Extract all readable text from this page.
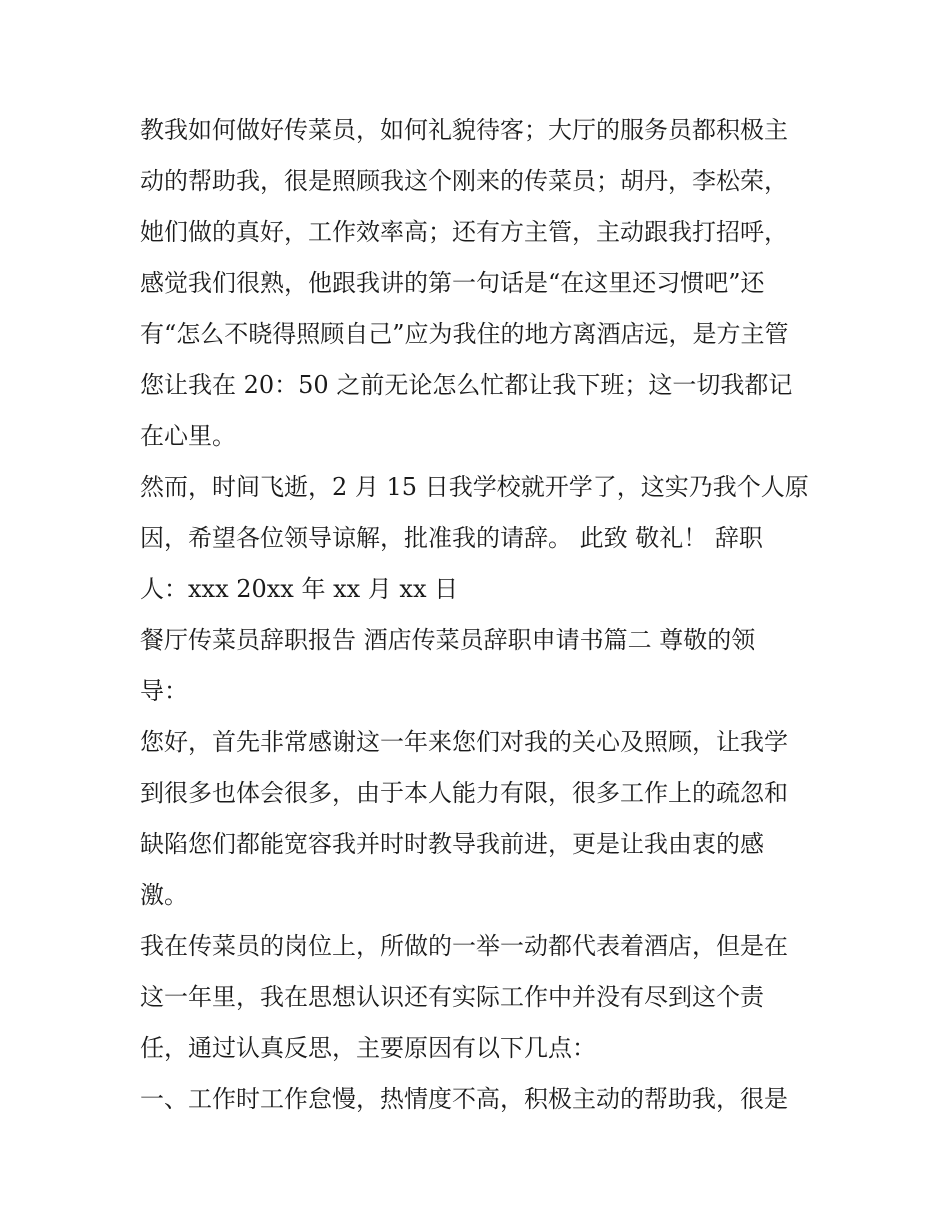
教我如何做好传菜员，如何礼貌待客；大厅的服务员都积极主
动的帮助我，很是照顾我这个刚来的传菜员；胡丹，李松荣，
她们做的真好，工作效率高；还有方主管，主动跟我打招呼，
感觉我们很熟，他跟我讲的第一句话是“在这里还习惯吧”还
有“怎么不晓得照顾自己”应为我住的地方离酒店远，是方主管
您让我在 20：50 之前无论怎么忙都让我下班；这一切我都记
在心里。
然而，时间飞逝，2 月 15 日我学校就开学了，这实乃我个人原
因，希望各位领导谅解，批准我的请辞。 此致 敬礼！ 辞职
人：xxx 20xx 年 xx 月 xx 日
餐厅传菜员辞职报告 酒店传菜员辞职申请书篇二 尊敬的领
导：
您好，首先非常感谢这一年来您们对我的关心及照顾，让我学
到很多也体会很多，由于本人能力有限，很多工作上的疏忽和
缺陷您们都能宽容我并时时教导我前进，更是让我由衷的感
激。
我在传菜员的岗位上，所做的一举一动都代表着酒店，但是在
这一年里，我在思想认识还有实际工作中并没有尽到这个责
任，通过认真反思，主要原因有以下几点：
一、工作时工作怠慢，热情度不高，积极主动的帮助我，很是
